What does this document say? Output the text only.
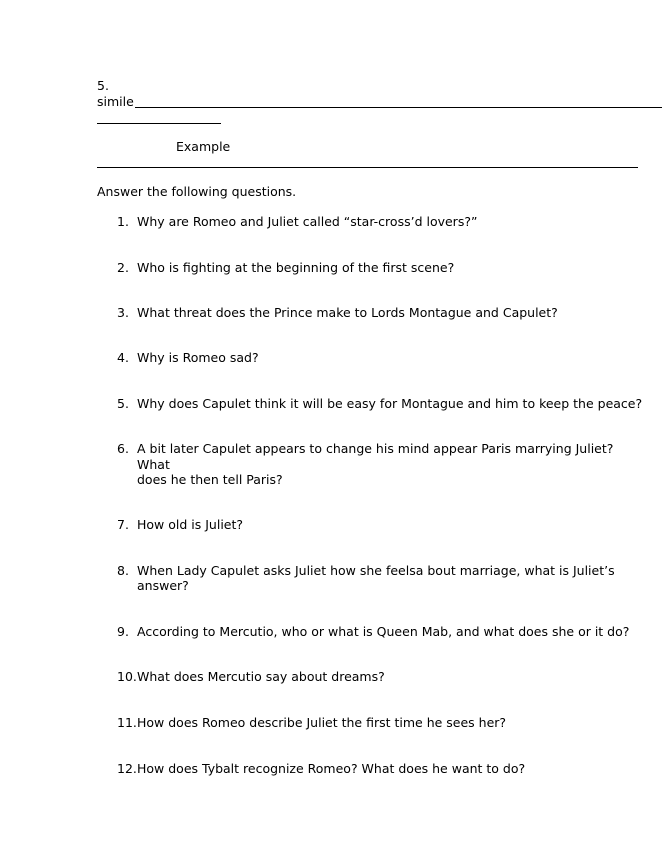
5.
simile
Example
Answer the following questions.
1. Why are Romeo and Juliet called “star-cross’d lovers?”
2. Who is fighting at the beginning of the first scene?
3. What threat does the Prince make to Lords Montague and Capulet?
4. Why is Romeo sad?
5. Why does Capulet think it will be easy for Montague and him to keep the peace?
6. A bit later Capulet appears to change his mind appear Paris marrying Juliet?
What
does he then tell Paris?
7. How old is Juliet?
8. When Lady Capulet asks Juliet how she feelsa bout marriage, what is Juliet’s
answer?
9. According to Mercutio, who or what is Queen Mab, and what does she or it do?
10. What does Mercutio say about dreams?
11. How does Romeo describe Juliet the first time he sees her?
12. How does Tybalt recognize Romeo? What does he want to do?
